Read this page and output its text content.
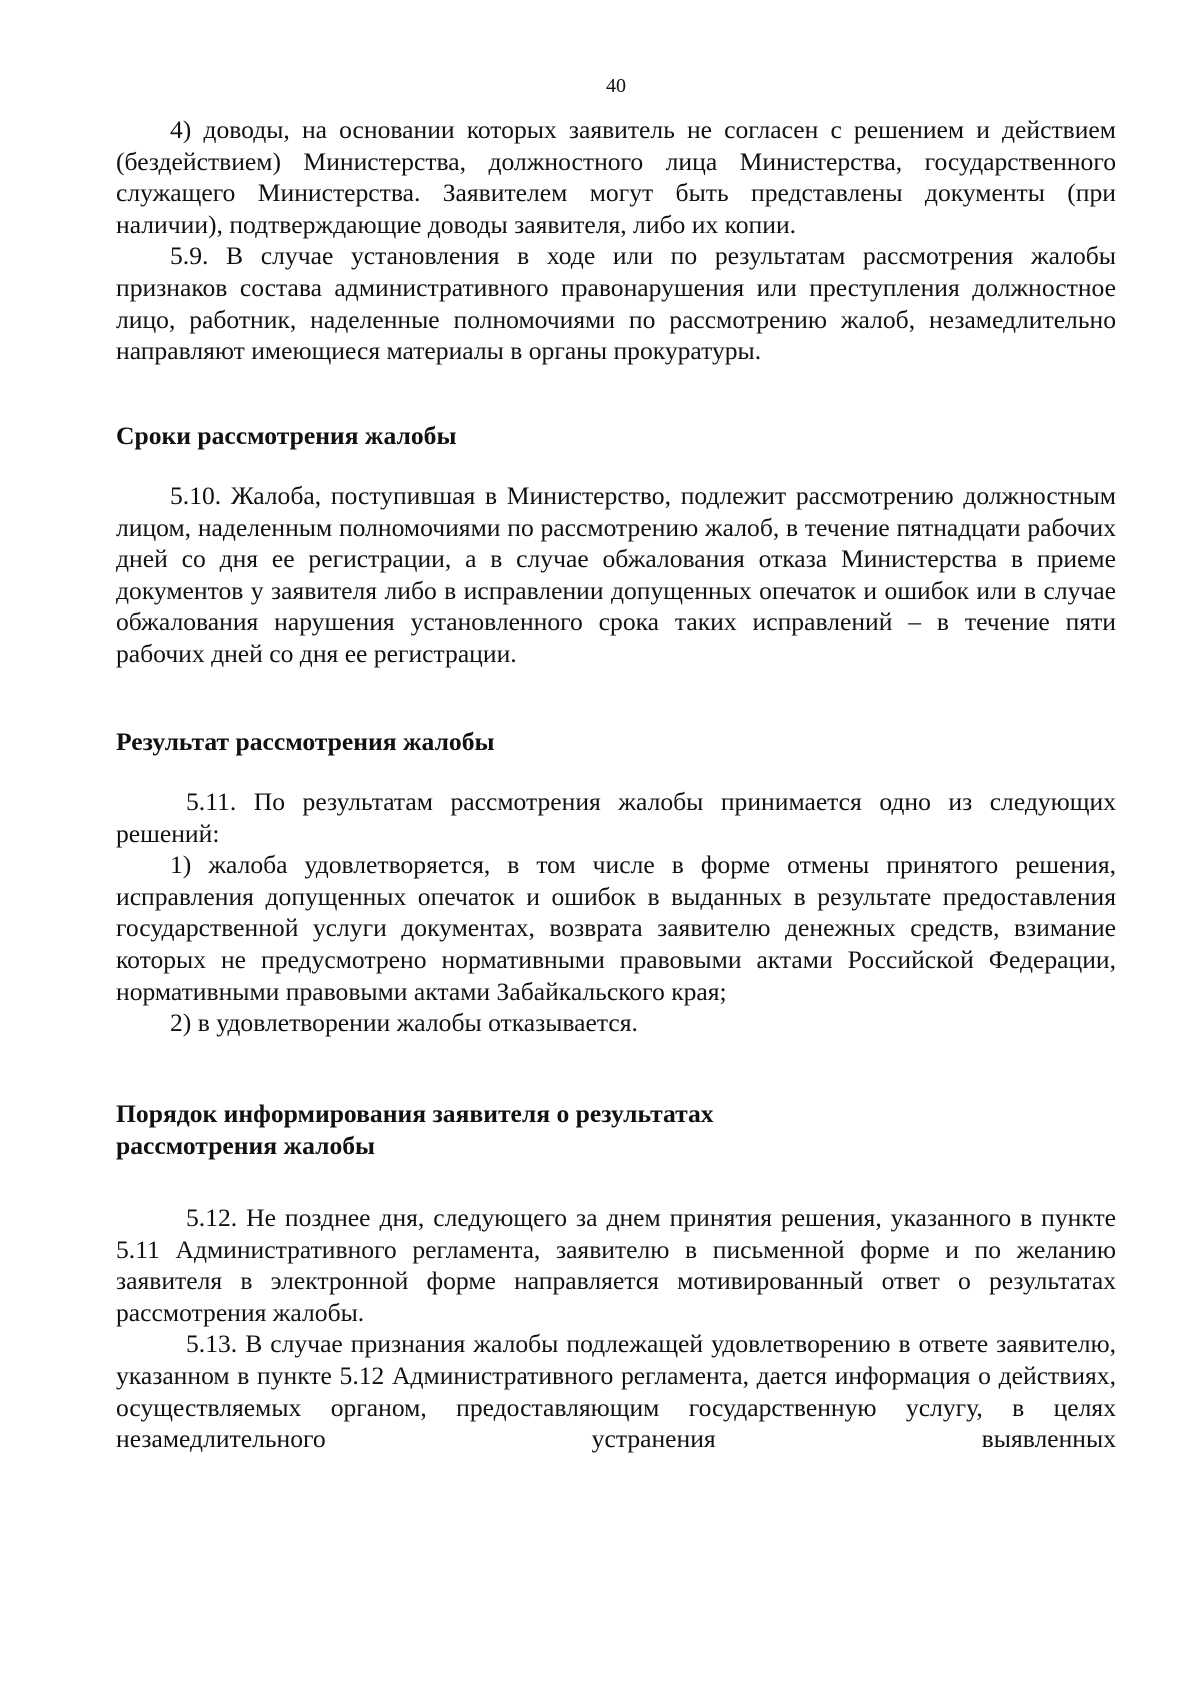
40

4) доводы, на основании которых заявитель не согласен с решением и действием (бездействием) Министерства, должностного лица Министерства, государственного служащего Министерства. Заявителем могут быть представлены документы (при наличии), подтверждающие доводы заявителя, либо их копии.

5.9. В случае установления в ходе или по результатам рассмотрения жалобы признаков состава административного правонарушения или преступления должностное лицо, работник, наделенные полномочиями по рассмотрению жалоб, незамедлительно направляют имеющиеся материалы в органы прокуратуры.

Сроки рассмотрения жалобы

5.10. Жалоба, поступившая в Министерство, подлежит рассмотрению должностным лицом, наделенным полномочиями по рассмотрению жалоб, в течение пятнадцати рабочих дней со дня ее регистрации, а в случае обжалования отказа Министерства в приеме документов у заявителя либо в исправлении допущенных опечаток и ошибок или в случае обжалования нарушения установленного срока таких исправлений – в течение пяти рабочих дней со дня ее регистрации.

Результат рассмотрения жалобы

5.11. По результатам рассмотрения жалобы принимается одно из следующих решений:

1) жалоба удовлетворяется, в том числе в форме отмены принятого решения, исправления допущенных опечаток и ошибок в выданных в результате предоставления государственной услуги документах, возврата заявителю денежных средств, взимание которых не предусмотрено нормативными правовыми актами Российской Федерации, нормативными правовыми актами Забайкальского края;

2) в удовлетворении жалобы отказывается.

Порядок информирования заявителя о результатах

рассмотрения жалобы

5.12. Не позднее дня, следующего за днем принятия решения, указанного в пункте 5.11 Административного регламента, заявителю в письменной форме и по желанию заявителя в электронной форме направляется мотивированный ответ о результатах рассмотрения жалобы.

5.13. В случае признания жалобы подлежащей удовлетворению в ответе заявителю, указанном в пункте 5.12 Административного регламента, дается информация о действиях, осуществляемых органом, предоставляющим государственную услугу, в целях незамедлительного устранения выявленных
